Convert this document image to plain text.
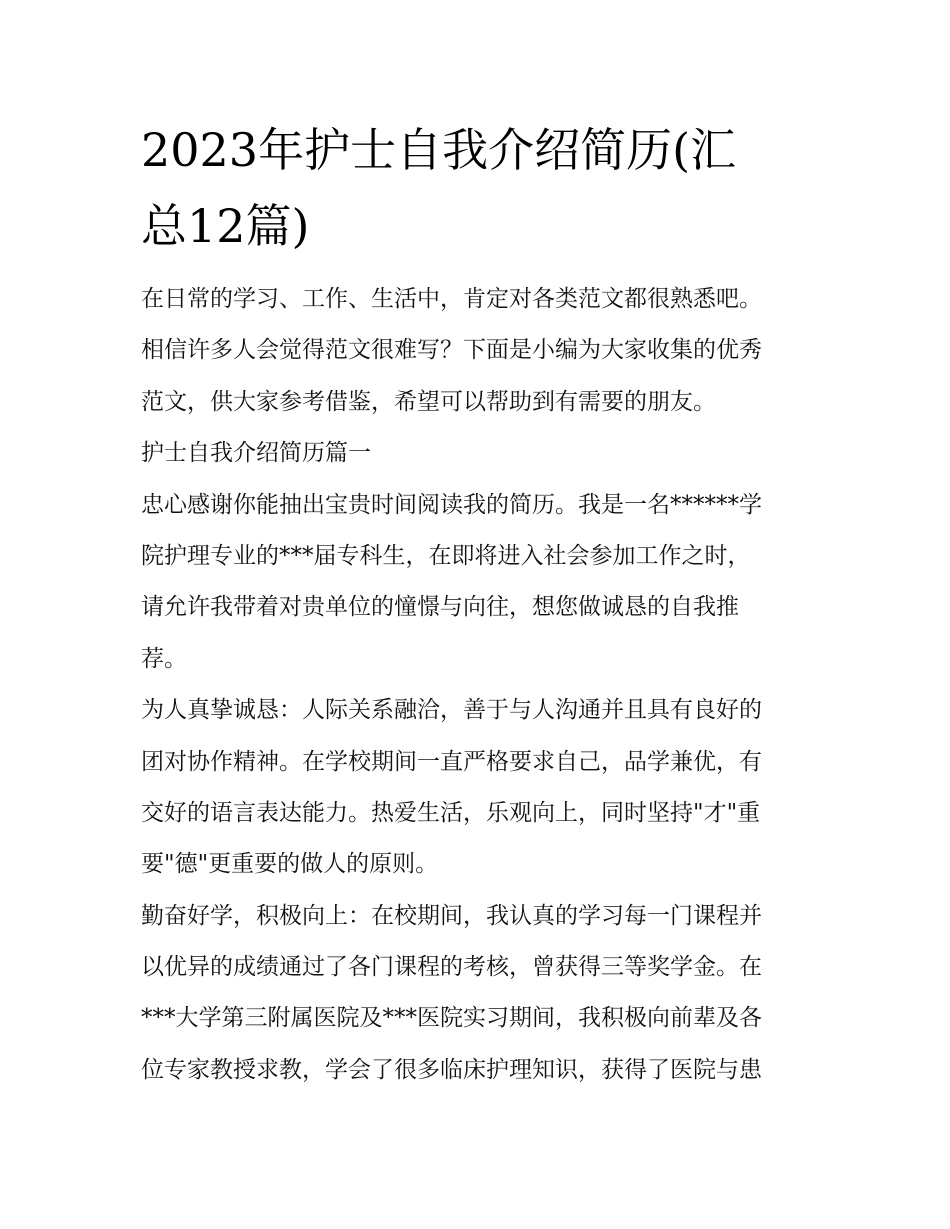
2023年护士自我介绍简历(汇
总12篇)
在日常的学习、工作、生活中，肯定对各类范文都很熟悉吧。
相信许多人会觉得范文很难写？下面是小编为大家收集的优秀
范文，供大家参考借鉴，希望可以帮助到有需要的朋友。
护士自我介绍简历篇一
忠心感谢你能抽出宝贵时间阅读我的简历。我是一名******学
院护理专业的***届专科生，在即将进入社会参加工作之时，
请允许我带着对贵单位的憧憬与向往，想您做诚恳的自我推
荐。
为人真挚诚恳：人际关系融洽，善于与人沟通并且具有良好的
团对协作精神。在学校期间一直严格要求自己，品学兼优，有
交好的语言表达能力。热爱生活，乐观向上，同时坚持"才"重
要"德"更重要的做人的原则。
勤奋好学，积极向上：在校期间，我认真的学习每一门课程并
以优异的成绩通过了各门课程的考核，曾获得三等奖学金。在
***大学第三附属医院及***医院实习期间，我积极向前辈及各
位专家教授求教，学会了很多临床护理知识，获得了医院与患
